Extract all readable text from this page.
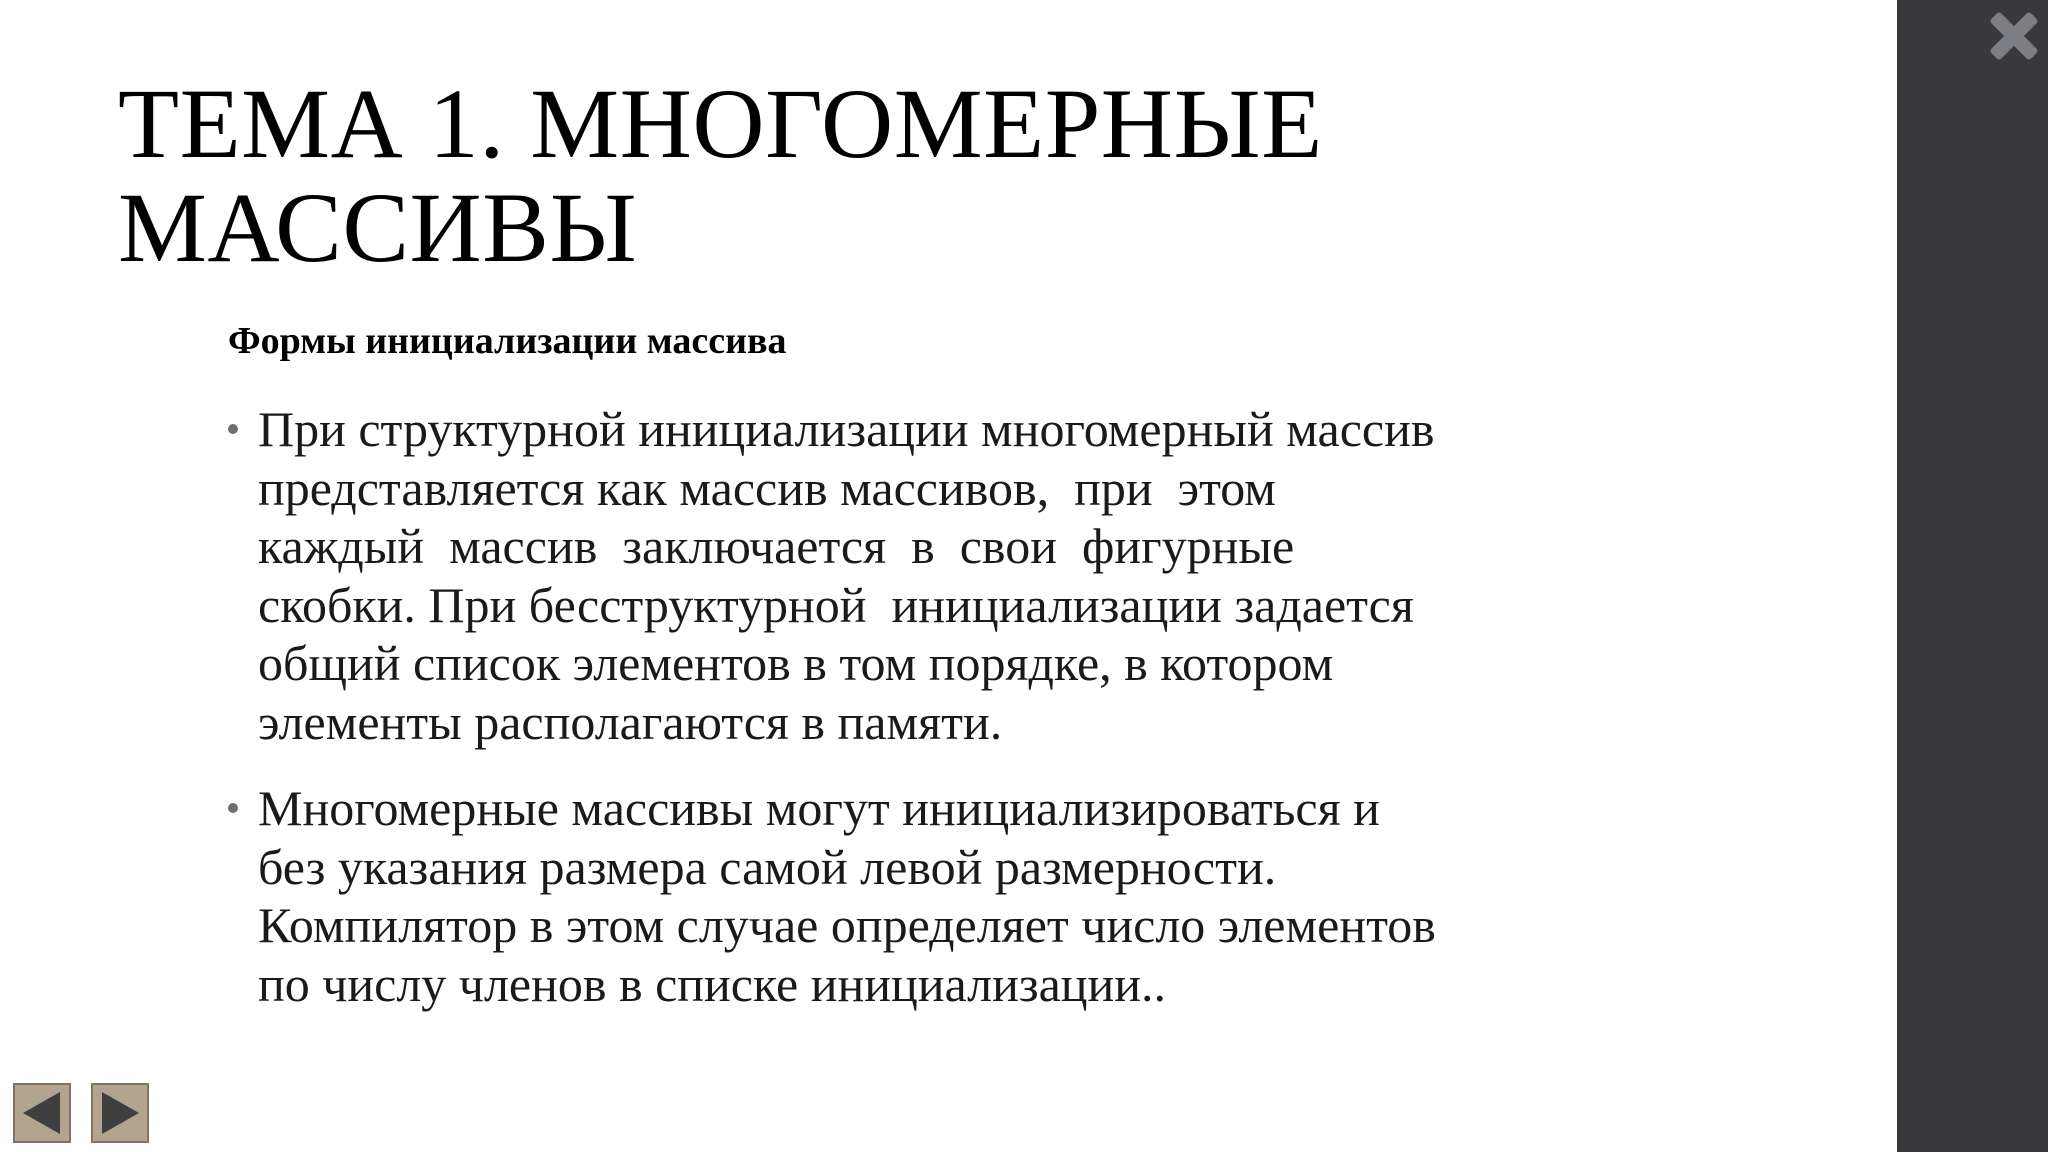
ТЕМА 1. МНОГОМЕРНЫЕ
МАССИВЫ
Формы инициализации массива
При структурной инициализации многомерный массив
представляется как массив массивов,  при  этом
каждый  массив  заключается  в  свои  фигурные
скобки. При бесструктурной  инициализации задается
общий список элементов в том порядке, в котором
элементы располагаются в памяти.
Многомерные массивы могут инициализироваться и
без указания размера самой левой размерности.
Компилятор в этом случае определяет число элементов
по числу членов в списке инициализации..
